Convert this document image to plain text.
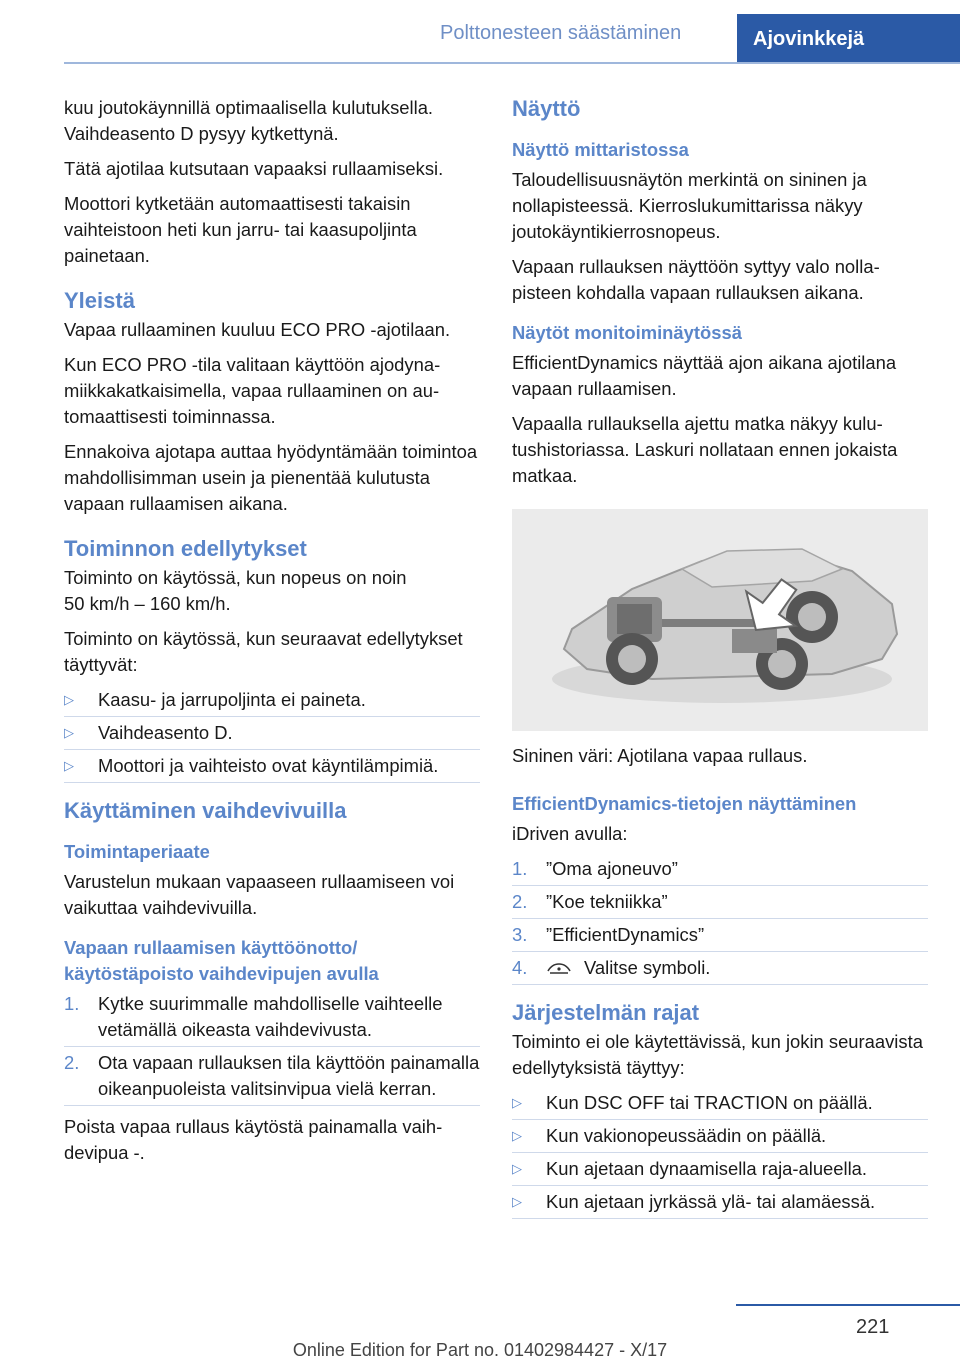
Polttonesteen säästäminen	Ajovinkkejä

kuu joutokäynnillä optimaalisella kulutuksella. Vaihdeasento D pysyy kytkettynä.

Tätä ajotilaa kutsutaan vapaaksi rullaamiseksi.

Moottori kytketään automaattisesti takaisin vaihteistoon heti kun jarru- tai kaasupoljinta painetaan.

Yleistä

Vapaa rullaaminen kuuluu ECO PRO -ajotilaan.

Kun ECO PRO -tila valitaan käyttöön ajodynamiikkakatkaisimella, vapaa rullaaminen on automaattisesti toiminnassa.

Ennakoiva ajotapa auttaa hyödyntämään toimintoa mahdollisimman usein ja pienentää kulutusta vapaan rullaamisen aikana.

Toiminnon edellytykset

Toiminto on käytössä, kun nopeus on noin
50 km/h – 160 km/h.

Toiminto on käytössä, kun seuraavat edellytykset täyttyvät:

▷ Kaasu- ja jarrupoljinta ei paineta.
▷ Vaihdeasento D.
▷ Moottori ja vaihteisto ovat käyntilämpimiä.
Käyttäminen vaihdevivuilla
Toimintaperiaate

Varustelun mukaan vapaaseen rullaamiseen voi vaikuttaa vaihdevivuilla.

Vapaan rullaamisen käyttöönotto/ käytöstäpoisto vaihdevipujen avulla
1. Kytke suurimmalle mahdolliselle vaihteelle vetämällä oikeasta vaihdevivusta.
2. Ota vapaan rullauksen tila käyttöön painamalla oikeanpuoleista valitsinvipua vielä kerran.

Poista vapaa rullaus käytöstä painamalla vaihdevipua -.

Näyttö
Näyttö mittaristossa

Taloudellisuusnäytön merkintä on sininen ja nollapisteessä. Kierroslukumittarissa näkyy joutokäyntikierrosnopeus.

Vapaan rullauksen näyttöön syttyy valo nollapisteen kohdalla vapaan rullauksen aikana.

Näytöt monitoiminäytössä

EfficientDynamics näyttää ajon aikana ajotilana vapaan rullaamisen.

Vapaalla rullauksella ajettu matka näkyy kulutushistoriassa. Laskuri nollataan ennen jokaista matkaa.

Sininen väri: Ajotilana vapaa rullaus.

EfficientDynamics-tietojen näyttäminen

iDriven avulla:

1. ”Oma ajoneuvo”
2. ”Koe tekniikka”
3. ”EfficientDynamics”
4.	Valitse symboli.
Järjestelmän rajat

Toiminto ei ole käytettävissä, kun jokin seuraavista edellytyksistä täyttyy:

▷ Kun DSC OFF tai TRACTION on päällä.
▷ Kun vakionopeussäädin on päällä.
▷ Kun ajetaan dynaamisella raja-alueella.
▷ Kun ajetaan jyrkässä ylä- tai alamäessä.
221
Online Edition for Part no. 01402984427 - X/17
